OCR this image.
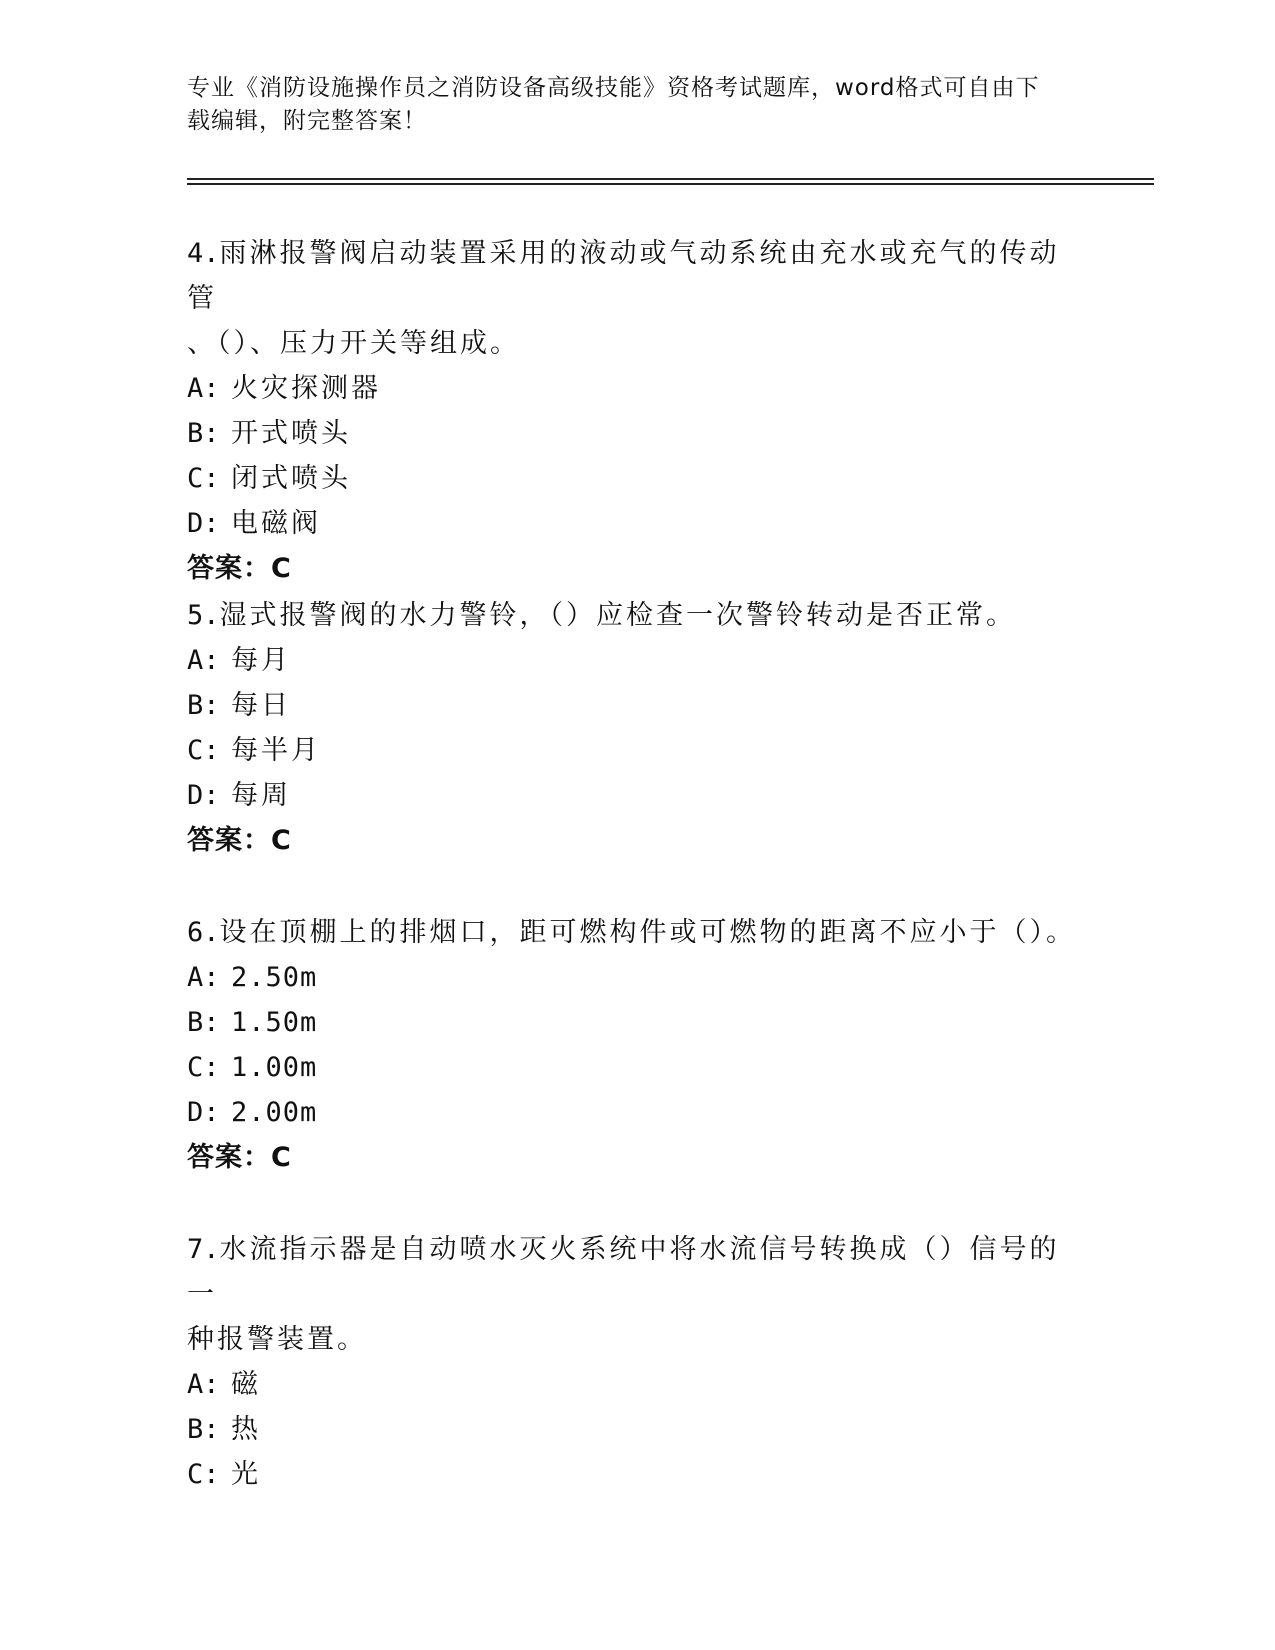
专业《消防设施操作员之消防设备高级技能》资格考试题库，word格式可自由下
载编辑，附完整答案！
4.雨淋报警阀启动装置采用的液动或气动系统由充水或充气的传动管
、（）、压力开关等组成。
A: 火灾探测器
B: 开式喷头
C: 闭式喷头
D: 电磁阀
答案：C
5.湿式报警阀的水力警铃，（）应检查一次警铃转动是否正常。
A: 每月
B: 每日
C: 每半月
D: 每周
答案：C
6.设在顶棚上的排烟口，距可燃构件或可燃物的距离不应小于（）。
A: 2.50m
B: 1.50m
C: 1.00m
D: 2.00m
答案：C
7.水流指示器是自动喷水灭火系统中将水流信号转换成（）信号的一
种报警装置。
A: 磁
B: 热
C: 光
